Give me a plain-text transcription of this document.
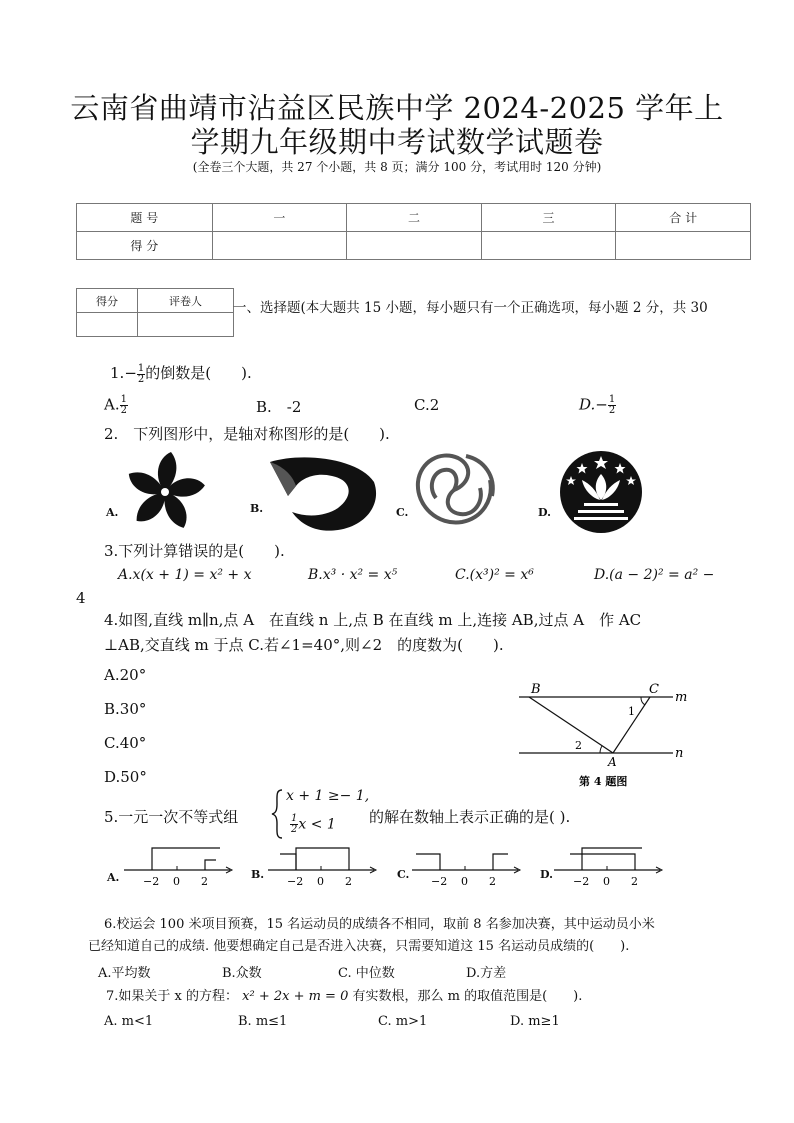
云南省曲靖市沾益区民族中学 2024-2025 学年上
学期九年级期中考试数学试题卷
(全卷三个大题，共 27 个小题，共 8 页；满分 100 分，考试用时 120 分钟)
题 号	一	二	三	合 计
得 分				
得分	评卷人
	一、选择题(本大题共 15 小题，每小题只有一个正确选项，每小题 2 分，共 30
$1.- \frac{1}{2}$ 的倒数是(　　).
A. $\frac{1}{2}$	B.　-2	C.2	$D.- \frac{1}{2}$
2.　下列图形中，是轴对称图形的是(　　).
A.	B.	C.	D.
3.下列计算错误的是(　　).
A.x(x + 1) = x² + x	B.x³ · x² = x⁵	C.(x³)² = x⁶	D.(a − 2)² = a² −
4
4.如图,直线 m∥n,点 A　在直线 n 上,点 B 在直线 m 上,连接 AB,过点 A　作 AC
⊥AB,交直线 m 于点 C.若∠1=40°,则∠2　的度数为(　　).
A.20°
B.30°
C.40°
D.50°
B	C
m
n
A
1
2
第 4 题图
5.一元一次不等式组
x + 1 ≥− 1,
$\frac{1}{2}$ x < 1 的解在数轴上表示正确的是( ).
A.	B.	C.	D.
−2 0 2	−2 0 2	−2 0 2	−2 0 2
6.校运会 100 米项目预赛，15 名运动员的成绩各不相同，取前 8 名参加决赛，其中运动员小米
已经知道自己的成绩. 他要想确定自己是否进入决赛，只需要知道这 15 名运动员成绩的(　　).
A.平均数	B.众数	C. 中位数	D.方差
7.如果关于 x 的方程： x² + 2x + m = 0 有实数根，那么 m 的取值范围是(　　).
A. m<1	B. m≤1	C. m>1	D. m≥1
